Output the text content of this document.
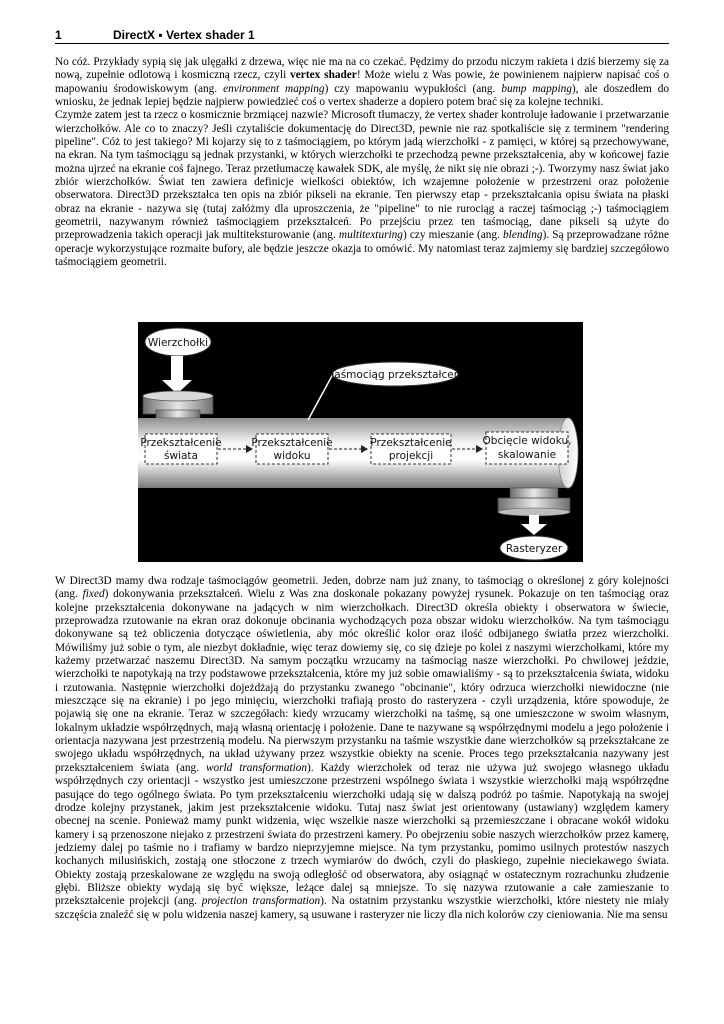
1	DirectX ▪ Vertex shader 1

No cóż. Przykłady sypią się jak ulęgałki z drzewa, więc nie ma na co czekać. Pędzimy do przodu niczym rakieta i dziś bierzemy się za nową, zupełnie odlotową i kosmiczną rzecz, czyli vertex shader! Może wielu z Was powie, że powinienem najpierw napisać coś o mapowaniu środowiskowym (ang. environment mapping) czy mapowaniu wypukłości (ang. bump mapping), ale doszedłem do wniosku, że jednak lepiej będzie najpierw powiedzieć coś o vertex shaderze a dopiero potem brać się za kolejne techniki.

Czymże zatem jest ta rzecz o kosmicznie brzmiącej nazwie? Microsoft tłumaczy, że vertex shader kontroluje ładowanie i przetwarzanie wierzchołków. Ale co to znaczy? Jeśli czytaliście dokumentację do Direct3D, pewnie nie raz spotkaliście się z terminem "rendering pipeline". Cóż to jest takiego? Mi kojarzy się to z taśmociągiem, po którym jadą wierzchołki - z pamięci, w której są przechowywane, na ekran. Na tym taśmociągu są jednak przystanki, w których wierzchołki te przechodzą pewne przekształcenia, aby w końcowej fazie można ujrzeć na ekranie coś fajnego. Teraz przetłumaczę kawałek SDK, ale myślę, że nikt się nie obrazi ;-). Tworzymy nasz świat jako zbiór wierzchołków. Świat ten zawiera definicje wielkości obiektów, ich wzajemne położenie w przestrzeni oraz położenie obserwatora. Direct3D przekształca ten opis na zbiór pikseli na ekranie. Ten pierwszy etap - przekształcania opisu świata na płaski obraz na ekranie - nazywa się (tutaj załóżmy dla uproszczenia, że "pipeline" to nie rurociąg a raczej taśmociąg ;-) taśmociągiem geometrii, nazywanym również taśmociągiem przekształceń. Po przejściu przez ten taśmociąg, dane pikseli są użyte do przeprowadzenia takich operacji jak multiteksturowanie (ang. multitexturing) czy mieszanie (ang. blending). Są przeprowadzane różne operacje wykorzystujące rozmaite bufory, ale będzie jeszcze okazja to omówić. My natomiast teraz zajmiemy się bardziej szczegółowo taśmociągiem geometrii.

Wierzchołki
Taśmociąg przekształceń
Przekształcenie
świata
Przekształcenie
widoku
Przekształcenie
projekcji
Obcięcie widoku,
skalowanie
Rasteryzer

W Direct3D mamy dwa rodzaje taśmociągów geometrii. Jeden, dobrze nam już znany, to taśmociąg o określonej z góry kolejności (ang. fixed) dokonywania przekształceń. Wielu z Was zna doskonale pokazany powyżej rysunek. Pokazuje on ten taśmociąg oraz kolejne przekształcenia dokonywane na jadących w nim wierzchołkach. Direct3D określa obiekty i obserwatora w świecie, przeprowadza rzutowanie na ekran oraz dokonuje obcinania wychodzących poza obszar widoku wierzchołków. Na tym taśmociągu dokonywane są też obliczenia dotyczące oświetlenia, aby móc określić kolor oraz ilość odbijanego światła przez wierzchołki. Mówiliśmy już sobie o tym, ale niezbyt dokładnie, więc teraz dowiemy się, co się dzieje po kolei z naszymi wierzchołkami, które my każemy przetwarzać naszemu Direct3D. Na samym początku wrzucamy na taśmociąg nasze wierzchołki. Po chwilowej jeździe, wierzchołki te napotykają na trzy podstawowe przekształcenia, które my już sobie omawialiśmy - są to przekształcenia świata, widoku i rzutowania. Następnie wierzchołki dojeżdżają do przystanku zwanego "obcinanie", który odrzuca wierzchołki niewidoczne (nie mieszczące się na ekranie) i po jego minięciu, wierzchołki trafiają prosto do rasteryzera - czyli urządzenia, które spowoduje, że pojawią się one na ekranie. Teraz w szczegółach: kiedy wrzucamy wierzchołki na taśmę, są one umieszczone w swoim własnym, lokalnym układzie współrzędnych, mają własną orientację i położenie. Dane te nazywane są współrzędnymi modelu a jego położenie i orientacja nazywana jest przestrzenią modelu. Na pierwszym przystanku na taśmie wszystkie dane wierzchołków są przekształcane ze swojego układu współrzędnych, na układ używany przez wszystkie obiekty na scenie. Proces tego przekształcania nazywany jest przekształceniem świata (ang. world transformation). Każdy wierzchołek od teraz nie używa już swojego własnego układu współrzędnych czy orientacji - wszystko jest umieszczone przestrzeni wspólnego świata i wszystkie wierzchołki mają współrzędne pasujące do tego ogólnego świata. Po tym przekształceniu wierzchołki udają się w dalszą podróż po taśmie. Napotykają na swojej drodze kolejny przystanek, jakim jest przekształcenie widoku. Tutaj nasz świat jest orientowany (ustawiany) względem kamery obecnej na scenie. Ponieważ mamy punkt widzenia, więc wszelkie nasze wierzchołki są przemieszczane i obracane wokół widoku kamery i są przenoszone niejako z przestrzeni świata do przestrzeni kamery. Po obejrzeniu sobie naszych wierzchołków przez kamerę, jedziemy dalej po taśmie no i trafiamy w bardzo nieprzyjemne miejsce. Na tym przystanku, pomimo usilnych protestów naszych kochanych milusińskich, zostają one stłoczone z trzech wymiarów do dwóch, czyli do płaskiego, zupełnie nieciekawego świata. Obiekty zostają przeskalowane ze względu na swoją odległość od obserwatora, aby osiągnąć w ostatecznym rozrachunku złudzenie głębi. Bliższe obiekty wydają się być większe, leżące dalej są mniejsze. To się nazywa rzutowanie a całe zamieszanie to przekształcenie projekcji (ang. projection transformation). Na ostatnim przystanku wszystkie wierzchołki, które niestety nie miały szczęścia znaleźć się w polu widzenia naszej kamery, są usuwane i rasteryzer nie liczy dla nich kolorów czy cieniowania. Nie ma sensu
